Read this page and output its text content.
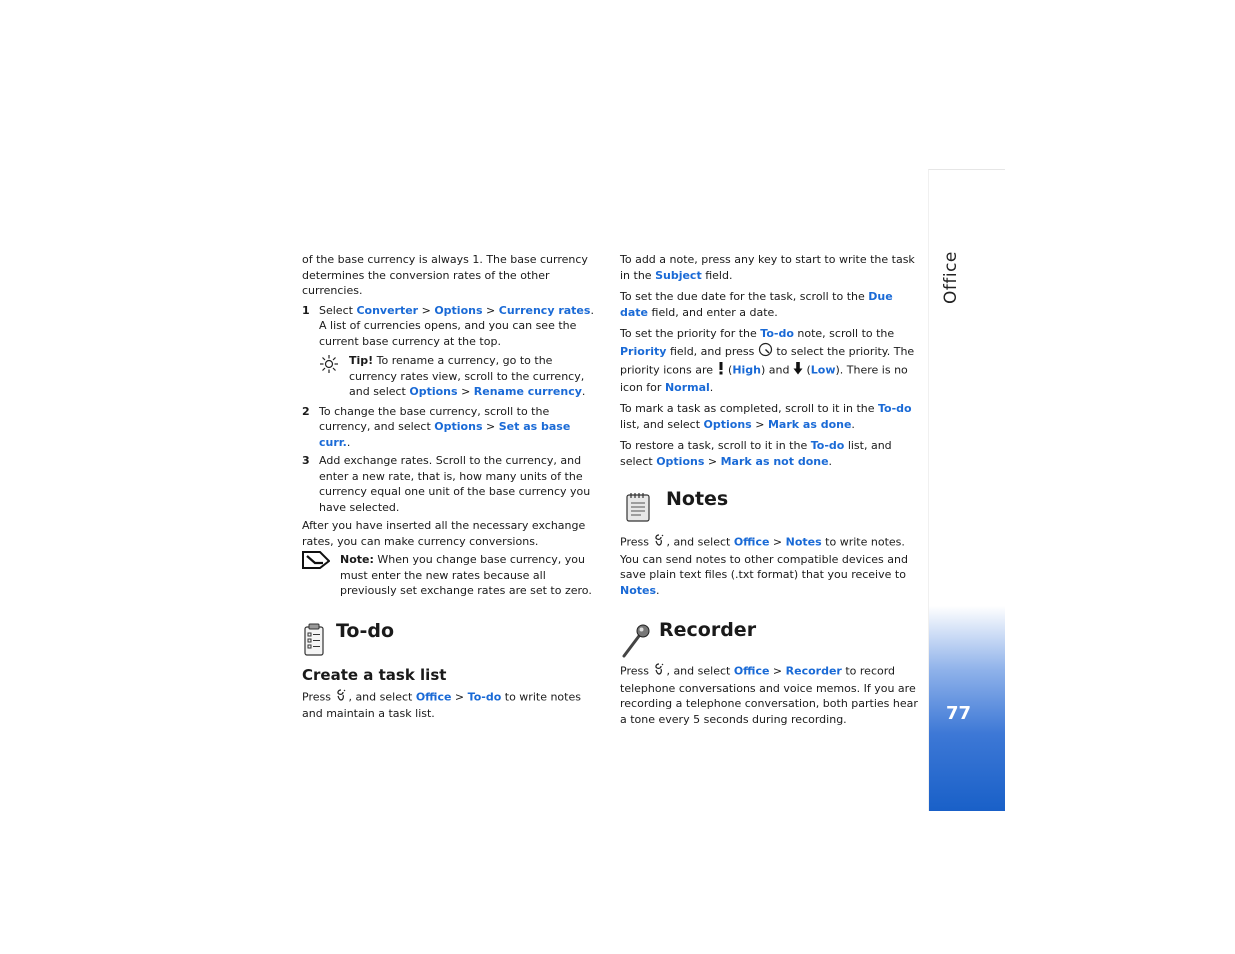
Office
77

of the base currency is always 1. The base currency determines the conversion rates of the other currencies.

1 Select Converter > Options > Currency rates. A list of currencies opens, and you can see the current base currency at the top.
Tip! To rename a currency, go to the currency rates view, scroll to the currency, and select Options > Rename currency.
2 To change the base currency, scroll to the currency, and select Options > Set as base curr..
3 Add exchange rates. Scroll to the currency, and enter a new rate, that is, how many units of the currency equal one unit of the base currency you have selected.

After you have inserted all the necessary exchange rates, you can make currency conversions.

Note: When you change base currency, you must enter the new rates because all previously set exchange rates are set to zero.
To-do
Create a task list

Press , and select Office > To-do to write notes and maintain a task list.

To add a note, press any key to start to write the task in the Subject field.

To set the due date for the task, scroll to the Due date field, and enter a date.

To set the priority for the To-do note, scroll to the Priority field, and press  to select the priority. The priority icons are  (High) and  (Low). There is no icon for Normal.

To mark a task as completed, scroll to it in the To-do list, and select Options > Mark as done.

To restore a task, scroll to it in the To-do list, and select Options > Mark as not done.

Notes

Press , and select Office > Notes to write notes. You can send notes to other compatible devices and save plain text files (.txt format) that you receive to Notes.

Recorder

Press , and select Office > Recorder to record telephone conversations and voice memos. If you are recording a telephone conversation, both parties hear a tone every 5 seconds during recording.
